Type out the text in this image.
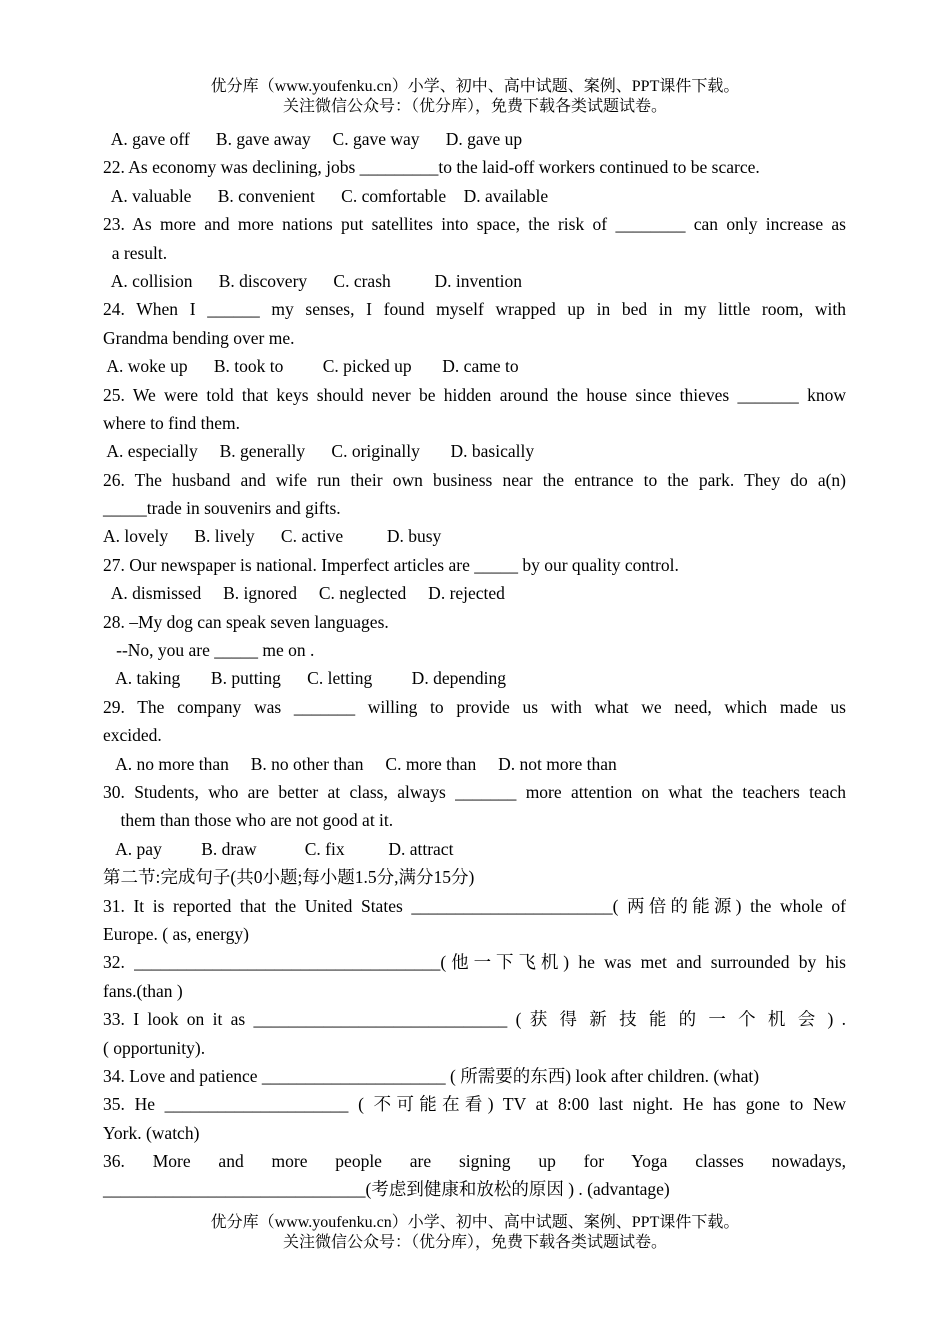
优分库（www.youfenku.cn）小学、初中、高中试题、案例、PPT课件下载。
关注微信公众号：（优分库），免费下载各类试题试卷。
A. gave off      B. gave away     C. gave way      D. gave up
22. As economy was declining, jobs _________to the laid-off workers continued to be scarce.
A. valuable      B. convenient      C. comfortable    D. available
23. As more and more nations put satellites into space, the risk of ________ can only increase as
a result.
A. collision      B. discovery      C. crash          D. invention
24. When I ______ my senses, I found myself wrapped up in bed in my little room, with
Grandma bending over me.
A. woke up      B. took to         C. picked up       D. came to
25. We were told that keys should never be hidden around the house since thieves _______ know
where to find them.
A. especially     B. generally      C. originally       D. basically
26. The husband and wife run their own business near the entrance to the park. They do a(n)
_____trade in souvenirs and gifts.
A. lovely      B. lively      C. active          D. busy
27. Our newspaper is national. Imperfect articles are _____ by our quality control.
A. dismissed     B. ignored     C. neglected     D. rejected
28. –My dog can speak seven languages.
--No, you are _____ me on .
A. taking       B. putting      C. letting         D. depending
29. The company was _______ willing to provide us with what we need, which made us
excided.
A. no more than     B. no other than     C. more than     D. not more than
30. Students, who are better at class, always _______ more attention on what the teachers teach
them than those who are not good at it.
A. pay         B. draw           C. fix          D. attract
第二节:完成句子(共0小题;每小题1.5分,满分15分)
31. It is reported that the United States _______________________( 两倍的能源) the whole of
Europe. ( as, energy)
32. ___________________________________(他一下飞机) he was met and surrounded by his
fans.(than )
33. I look on it as _____________________________ ( 获 得 新 技 能 的 一 个 机 会 ) .
( opportunity).
34. Love and patience _____________________ ( 所需要的东西) look after children. (what)
35. He _____________________ ( 不可能在看) TV at 8:00 last night. He has gone to New
York. (watch)
36. More and more people are signing up for Yoga classes nowadays,
______________________________(考虑到健康和放松的原因 ) . (advantage)
优分库（www.youfenku.cn）小学、初中、高中试题、案例、PPT课件下载。
关注微信公众号：（优分库），免费下载各类试题试卷。
